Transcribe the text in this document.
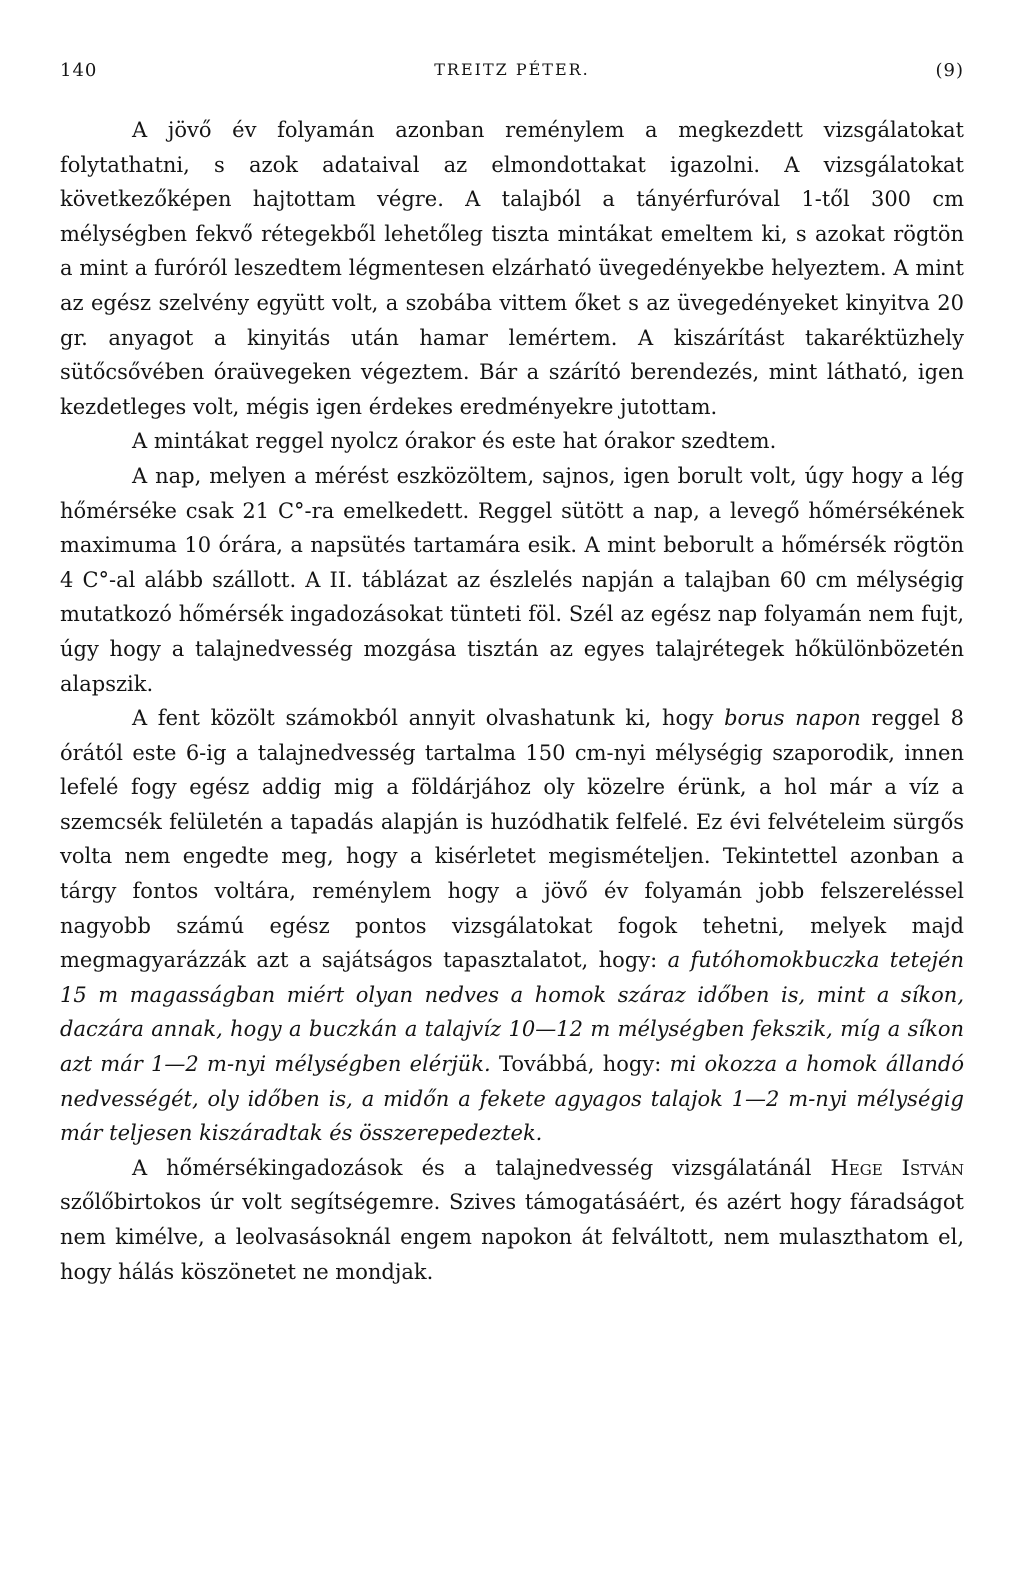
140	TREITZ PÉTER.	(9)

A jövő év folyamán azonban reménylem a megkezdett vizsgálatokat folytathatni, s azok adataival az elmondottakat igazolni. A vizsgálatokat következőképen hajtottam végre. A talajból a tányérfuróval 1-től 300 cm mélységben fekvő rétegekből lehetőleg tiszta mintákat emeltem ki, s azokat rögtön a mint a furóról leszedtem légmentesen elzárható üvegedényekbe helyeztem. A mint az egész szelvény együtt volt, a szobába vittem őket s az üvegedényeket kinyitva 20 gr. anyagot a kinyitás után hamar lemértem. A kiszárítást takaréktüzhely sütőcsővében óraüvegeken végeztem. Bár a szárító berendezés, mint látható, igen kezdetleges volt, mégis igen érdekes eredményekre jutottam.

A mintákat reggel nyolcz órakor és este hat órakor szedtem.

A nap, melyen a mérést eszközöltem, sajnos, igen borult volt, úgy hogy a lég hőmérséke csak 21 C°-ra emelkedett. Reggel sütött a nap, a levegő hőmérsékének maximuma 10 órára, a napsütés tartamára esik. A mint beborult a hőmérsék rögtön 4 C°-al alább szállott. A II. táblázat az észlelés napján a talajban 60 cm mélységig mutatkozó hőmérsék ingadozásokat tünteti föl. Szél az egész nap folyamán nem fujt, úgy hogy a talajnedvesség mozgása tisztán az egyes talajrétegek hőkülönbözetén alapszik.

A fent közölt számokból annyit olvashatunk ki, hogy borus napon reggel 8 órától este 6-ig a talajnedvesség tartalma 150 cm-nyi mélységig szaporodik, innen lefelé fogy egész addig mig a földárjához oly közelre érünk, a hol már a víz a szemcsék felületén a tapadás alapján is huzódhatik felfelé. Ez évi felvételeim sürgős volta nem engedte meg, hogy a kisérletet megismételjen. Tekintettel azonban a tárgy fontos voltára, reménylem hogy a jövő év folyamán jobb felszereléssel nagyobb számú egész pontos vizsgálatokat fogok tehetni, melyek majd megmagyarázzák azt a sajátságos tapasztalatot, hogy: a futóhomokbuczka tetején 15 m magasságban miért olyan nedves a homok száraz időben is, mint a síkon, daczára annak, hogy a buczkán a talajvíz 10—12 m mélységben fekszik, míg a síkon azt már 1—2 m-nyi mélységben elérjük. Továbbá, hogy: mi okozza a homok állandó nedvességét, oly időben is, a midőn a fekete agyagos talajok 1—2 m-nyi mélységig már teljesen kiszáradtak és összerepedeztek.

A hőmérsékingadozások és a talajnedvesség vizsgálatánál Hege István szőlőbirtokos úr volt segítségemre. Szives támogatásáért, és azért hogy fáradságot nem kimélve, a leolvasásoknál engem napokon át felváltott, nem mulaszthatom el, hogy hálás köszönetet ne mondjak.
